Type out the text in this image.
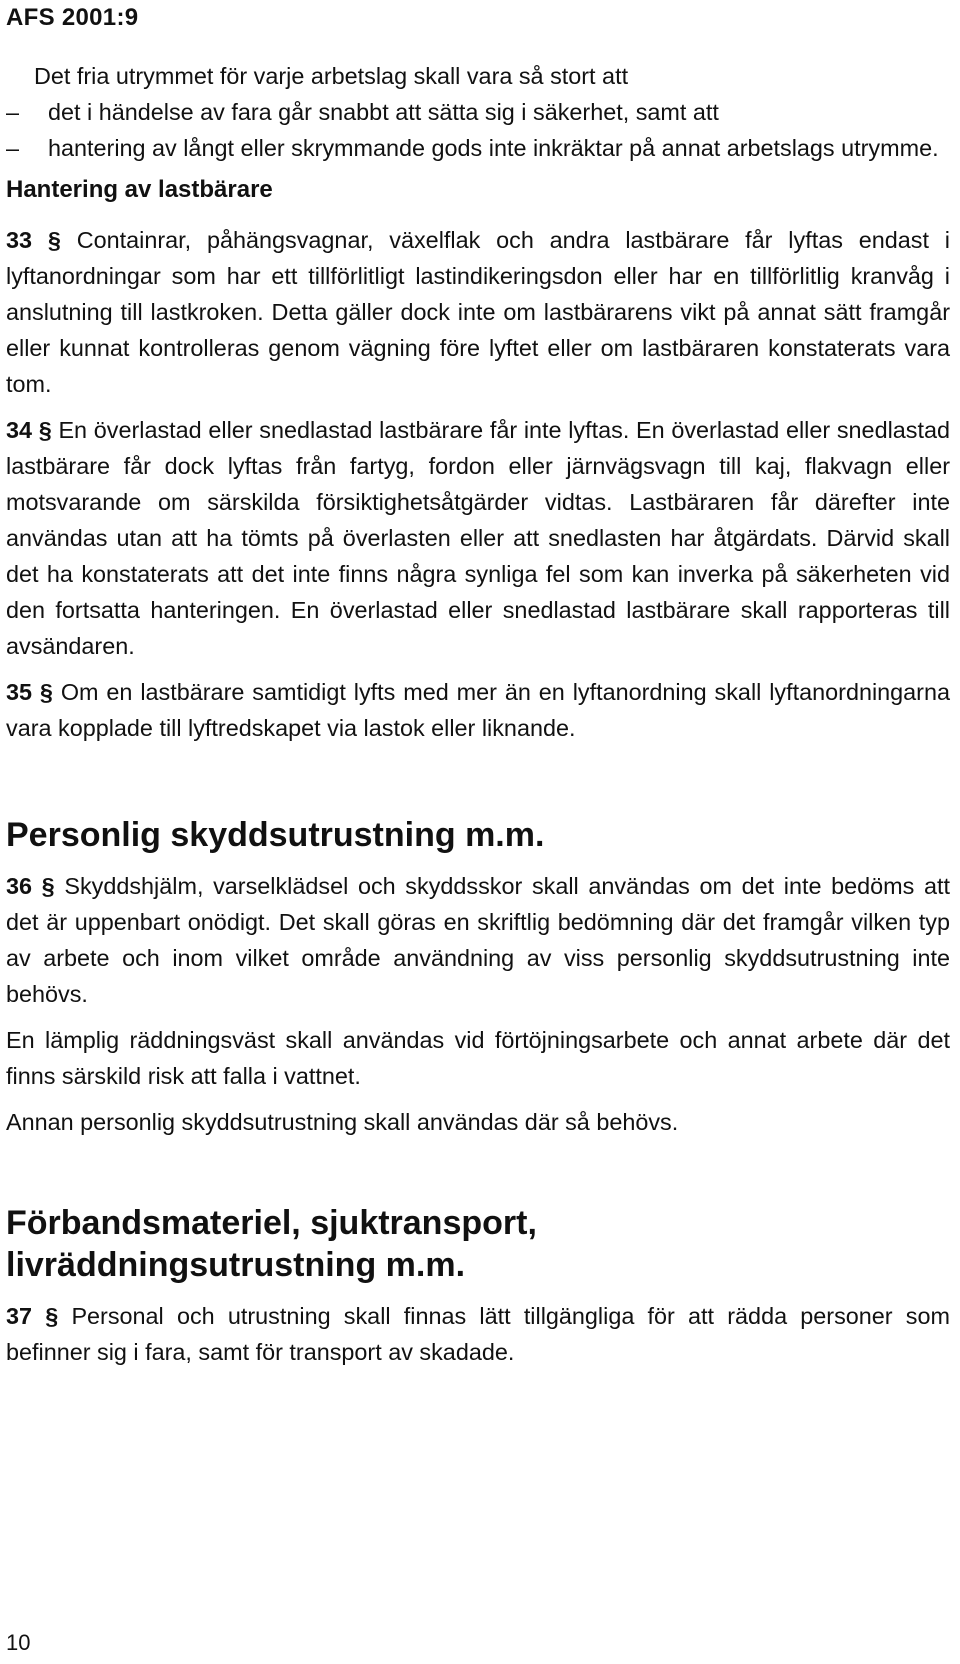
AFS 2001:9

Det fria utrymmet för varje arbetslag skall vara så stort att

– det i händelse av fara går snabbt att sätta sig i säkerhet, samt att
– hantering av långt eller skrymmande gods inte inkräktar på annat arbetslags utrymme.
Hantering av lastbärare

33 § Containrar, påhängsvagnar, växelflak och andra lastbärare får lyftas endast i lyftanordningar som har ett tillförlitligt lastindikeringsdon eller har en tillförlitlig kranvåg i anslutning till lastkroken. Detta gäller dock inte om lastbärarens vikt på annat sätt framgår eller kunnat kontrolleras genom vägning före lyftet eller om lastbäraren konstaterats vara tom.

34 § En överlastad eller snedlastad lastbärare får inte lyftas. En överlastad eller snedlastad lastbärare får dock lyftas från fartyg, fordon eller järnvägsvagn till kaj, flakvagn eller motsvarande om särskilda försiktighetsåtgärder vidtas. Lastbäraren får därefter inte användas utan att ha tömts på överlasten eller att snedlasten har åtgärdats. Därvid skall det ha konstaterats att det inte finns några synliga fel som kan inverka på säkerheten vid den fortsatta hanteringen. En överlastad eller snedlastad lastbärare skall rapporteras till avsändaren.

35 § Om en lastbärare samtidigt lyfts med mer än en lyftanordning skall lyftanordningarna vara kopplade till lyftredskapet via lastok eller liknande.

Personlig skyddsutrustning m.m.

36 § Skyddshjälm, varselklädsel och skyddsskor skall användas om det inte bedöms att det är uppenbart onödigt. Det skall göras en skriftlig bedömning där det framgår vilken typ av arbete och inom vilket område användning av viss personlig skyddsutrustning inte behövs.

En lämplig räddningsväst skall användas vid förtöjningsarbete och annat arbete där det finns särskild risk att falla i vattnet.

Annan personlig skyddsutrustning skall användas där så behövs.

Förbandsmateriel, sjuktransport,
livräddningsutrustning m.m.

37 § Personal och utrustning skall finnas lätt tillgängliga för att rädda personer som befinner sig i fara, samt för transport av skadade.

10
